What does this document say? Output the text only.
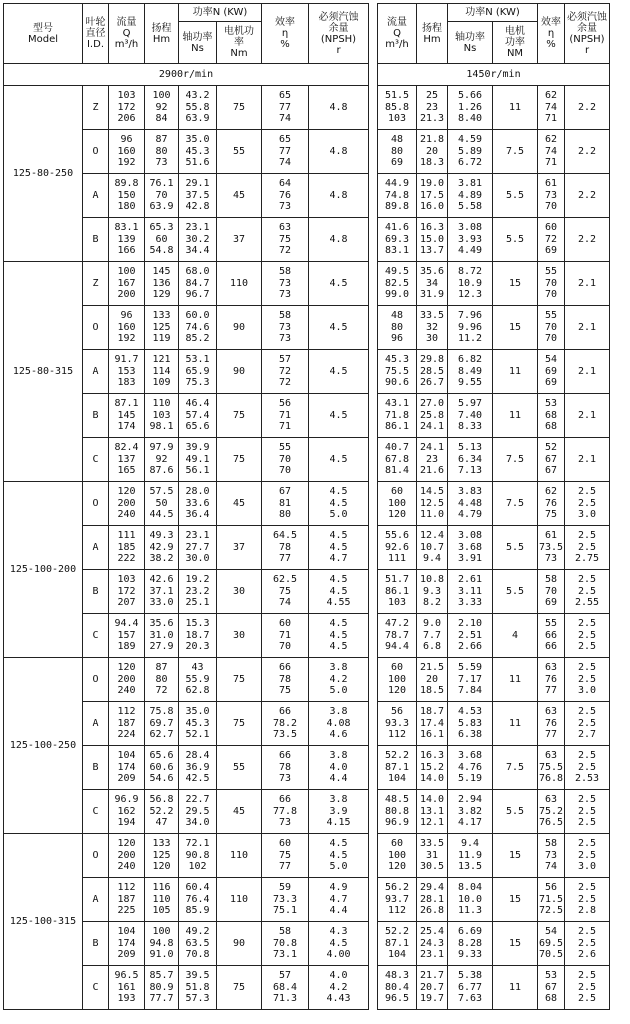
型号
Model	叶轮
直径
I.D.	流量
Q
m³/h	扬程
Hm	功率N (KW)		效率
η
%	必须汽蚀
余量
(NPSH)
r		流量
Q
m³/h	扬程
Hm	功率N (KW)		效率
η
%	必须汽蚀
余量
(NPSH)
r

				轴功率
Ns	电机功
率
Nm						轴功率
Ns	电机
功率
NM		

2900r/min									1450r/min					
125-80-250	Z	103
172
206	100
92
84	43.2
55.8
63.9	75	65
77
74	4.8		51.5
85.8
103	25
23
21.3	5.66
1.26
8.40	11	62
74
71	2.2

	O	96
160
192	87
80
73	35.0
45.3
51.6	55	65
77
74	4.8		48
80
69	21.8
20
18.3	4.59
5.89
6.72	7.5	62
74
71	2.2

	A	89.8
150
180	76.1
70
63.9	29.1
37.5
42.8	45	64
76
73	4.8		44.9
74.8
89.8	19.0
17.5
16.0	3.81
4.89
5.58	5.5	61
73
70	2.2

	B	83.1
139
166	65.3
60
54.8	23.1
30.2
34.4	37	63
75
72	4.8		41.6
69.3
83.1	16.3
15.0
13.7	3.08
3.93
4.49	5.5	60
72
69	2.2

125-80-315	Z	100
167
200	145
136
129	68.0
84.7
96.7	110	58
73
73	4.5		49.5
82.5
99.0	35.6
34
31.9	8.72
10.9
12.3	15	55
70
70	2.1

	O	96
160
192	133
125
119	60.0
74.6
85.2	90	58
73
73	4.5		48
80
96	33.5
32
30	7.96
9.96
11.2	15	55
70
70	2.1

	A	91.7
153
183	121
114
109	53.1
65.9
75.3	90	57
72
72	4.5		45.3
75.5
90.6	29.8
28.5
26.7	6.82
8.49
9.55	11	54
69
69	2.1

	B	87.1
145
174	110
103
98.1	46.4
57.4
65.6	75	56
71
71	4.5		43.1
71.8
86.1	27.0
25.8
24.1	5.97
7.40
8.33	11	53
68
68	2.1

	C	82.4
137
165	97.9
92
87.6	39.9
49.1
56.1	75	55
70
70	4.5		40.7
67.8
81.4	24.1
23
21.6	5.13
6.34
7.13	7.5	52
67
67	2.1

125-100-200	O	120
200
240	57.5
50
44.5	28.0
33.6
36.4	45	67
81
80	4.5
4.5
5.0		60
100
120	14.5
12.5
11.0	3.83
4.48
4.79	7.5	62
76
75	2.5
2.5
3.0

	A	111
185
222	49.3
42.9
38.2	23.1
27.7
30.0	37	64.5
78
77	4.5
4.5
4.7		55.6
92.6
111	12.4
10.7
9.4	3.08
3.68
3.91	5.5	61
73.5
73	2.5
2.5
2.75

	B	103
172
207	42.6
37.1
33.0	19.2
23.2
25.1	30	62.5
75
74	4.5
4.5
4.55		51.7
86.1
103	10.8
9.3
8.2	2.61
3.11
3.33	5.5	58
70
69	2.5
2.5
2.55

	C	94.4
157
189	35.6
31.0
27.9	15.3
18.7
20.3	30	60
71
70	4.5
4.5
4.5		47.2
78.7
94.4	9.0
7.7
6.8	2.10
2.51
2.66	4	55
66
66	2.5
2.5
2.5

125-100-250	O	120
200
240	87
80
72	43
55.9
62.8	75	66
78
75	3.8
4.2
5.0		60
100
120	21.5
20
18.5	5.59
7.17
7.84	11	63
76
77	2.5
2.5
3.0

	A	112
187
224	75.8
69.7
62.7	35.0
45.3
52.1	75	66
78.2
73.5	3.8
4.08
4.6		56
93.3
112	18.7
17.4
16.1	4.53
5.83
6.38	11	63
76
77	2.5
2.5
2.7

	B	104
174
209	65.6
60.6
54.6	28.4
36.9
42.5	55	66
78
73	3.8
4.0
4.4		52.2
87.1
104	16.3
15.2
14.0	3.68
4.76
5.19	7.5	63
75.5
76.8	2.5
2.5
2.53

	C	96.9
162
194	56.8
52.2
47	22.7
29.5
34.0	45	66
77.8
73	3.8
3.9
4.15		48.5
80.8
96.9	14.0
13.1
12.1	2.94
3.82
4.17	5.5	63
75.2
76.5	2.5
2.5
2.5

125-100-315	O	120
200
240	133
125
120	72.1
90.8
102	110	60
75
77	4.5
4.5
5.0		60
100
120	33.5
31
30.5	9.4
11.9
13.5	15	58
73
74	2.5
2.5
3.0

	A	112
187
225	116
110
105	60.4
76.4
85.9	110	59
73.3
75.1	4.9
4.7
4.4		56.2
93.7
112	29.4
28.1
26.8	8.04
10.0
11.3	15	56
71.5
72.5	2.5
2.5
2.8

	B	104
174
209	100
94.8
91.0	49.2
63.5
70.8	90	58
70.8
73.1	4.3
4.5
4.00		52.2
87.1
104	25.4
24.3
23.1	6.69
8.28
9.33	15	54
69.5
70.5	2.5
2.5
2.6

	C	96.5
161
193	85.7
80.9
77.7	39.5
51.8
57.3	75	57
68.4
71.3	4.0
4.2
4.43		48.3
80.4
96.5	21.7
20.7
19.7	5.38
6.77
7.63	11	53
67
68	2.5
2.5
2.5
